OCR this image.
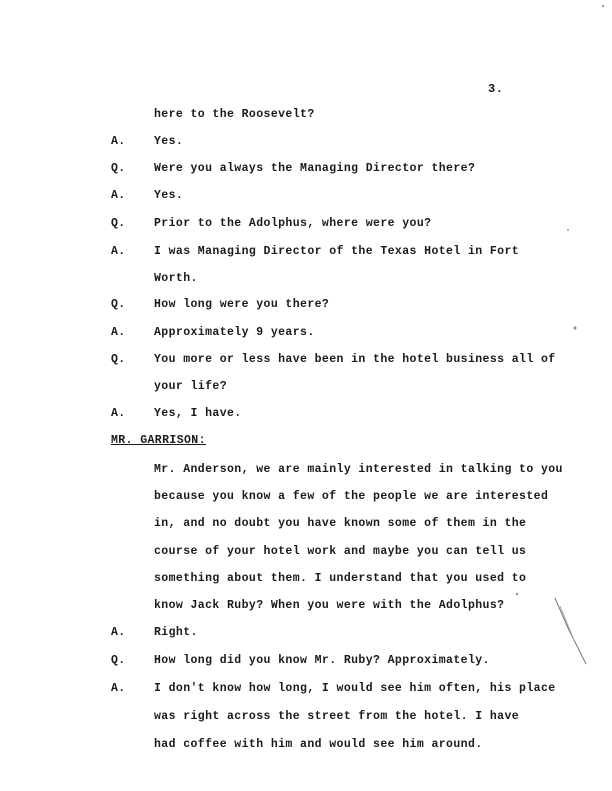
3.
here to the Roosevelt?
A. Yes.
Q. Were you always the Managing Director there?
A. Yes.
Q. Prior to the Adolphus, where were you?
A. I was Managing Director of the Texas Hotel in Fort
Worth.
Q. How long were you there?
A. Approximately 9 years.
Q. You more or less have been in the hotel business all of
your life?
A. Yes, I have.
MR. GARRISON:
Mr. Anderson, we are mainly interested in talking to you
because you know a few of the people we are interested
in, and no doubt you have known some of them in the
course of your hotel work and maybe you can tell us
something about them. I understand that you used to
know Jack Ruby? When you were with the Adolphus?
A. Right.
Q. How long did you know Mr. Ruby? Approximately.
A. I don't know how long, I would see him often, his place
was right across the street from the hotel. I have
had coffee with him and would see him around.
